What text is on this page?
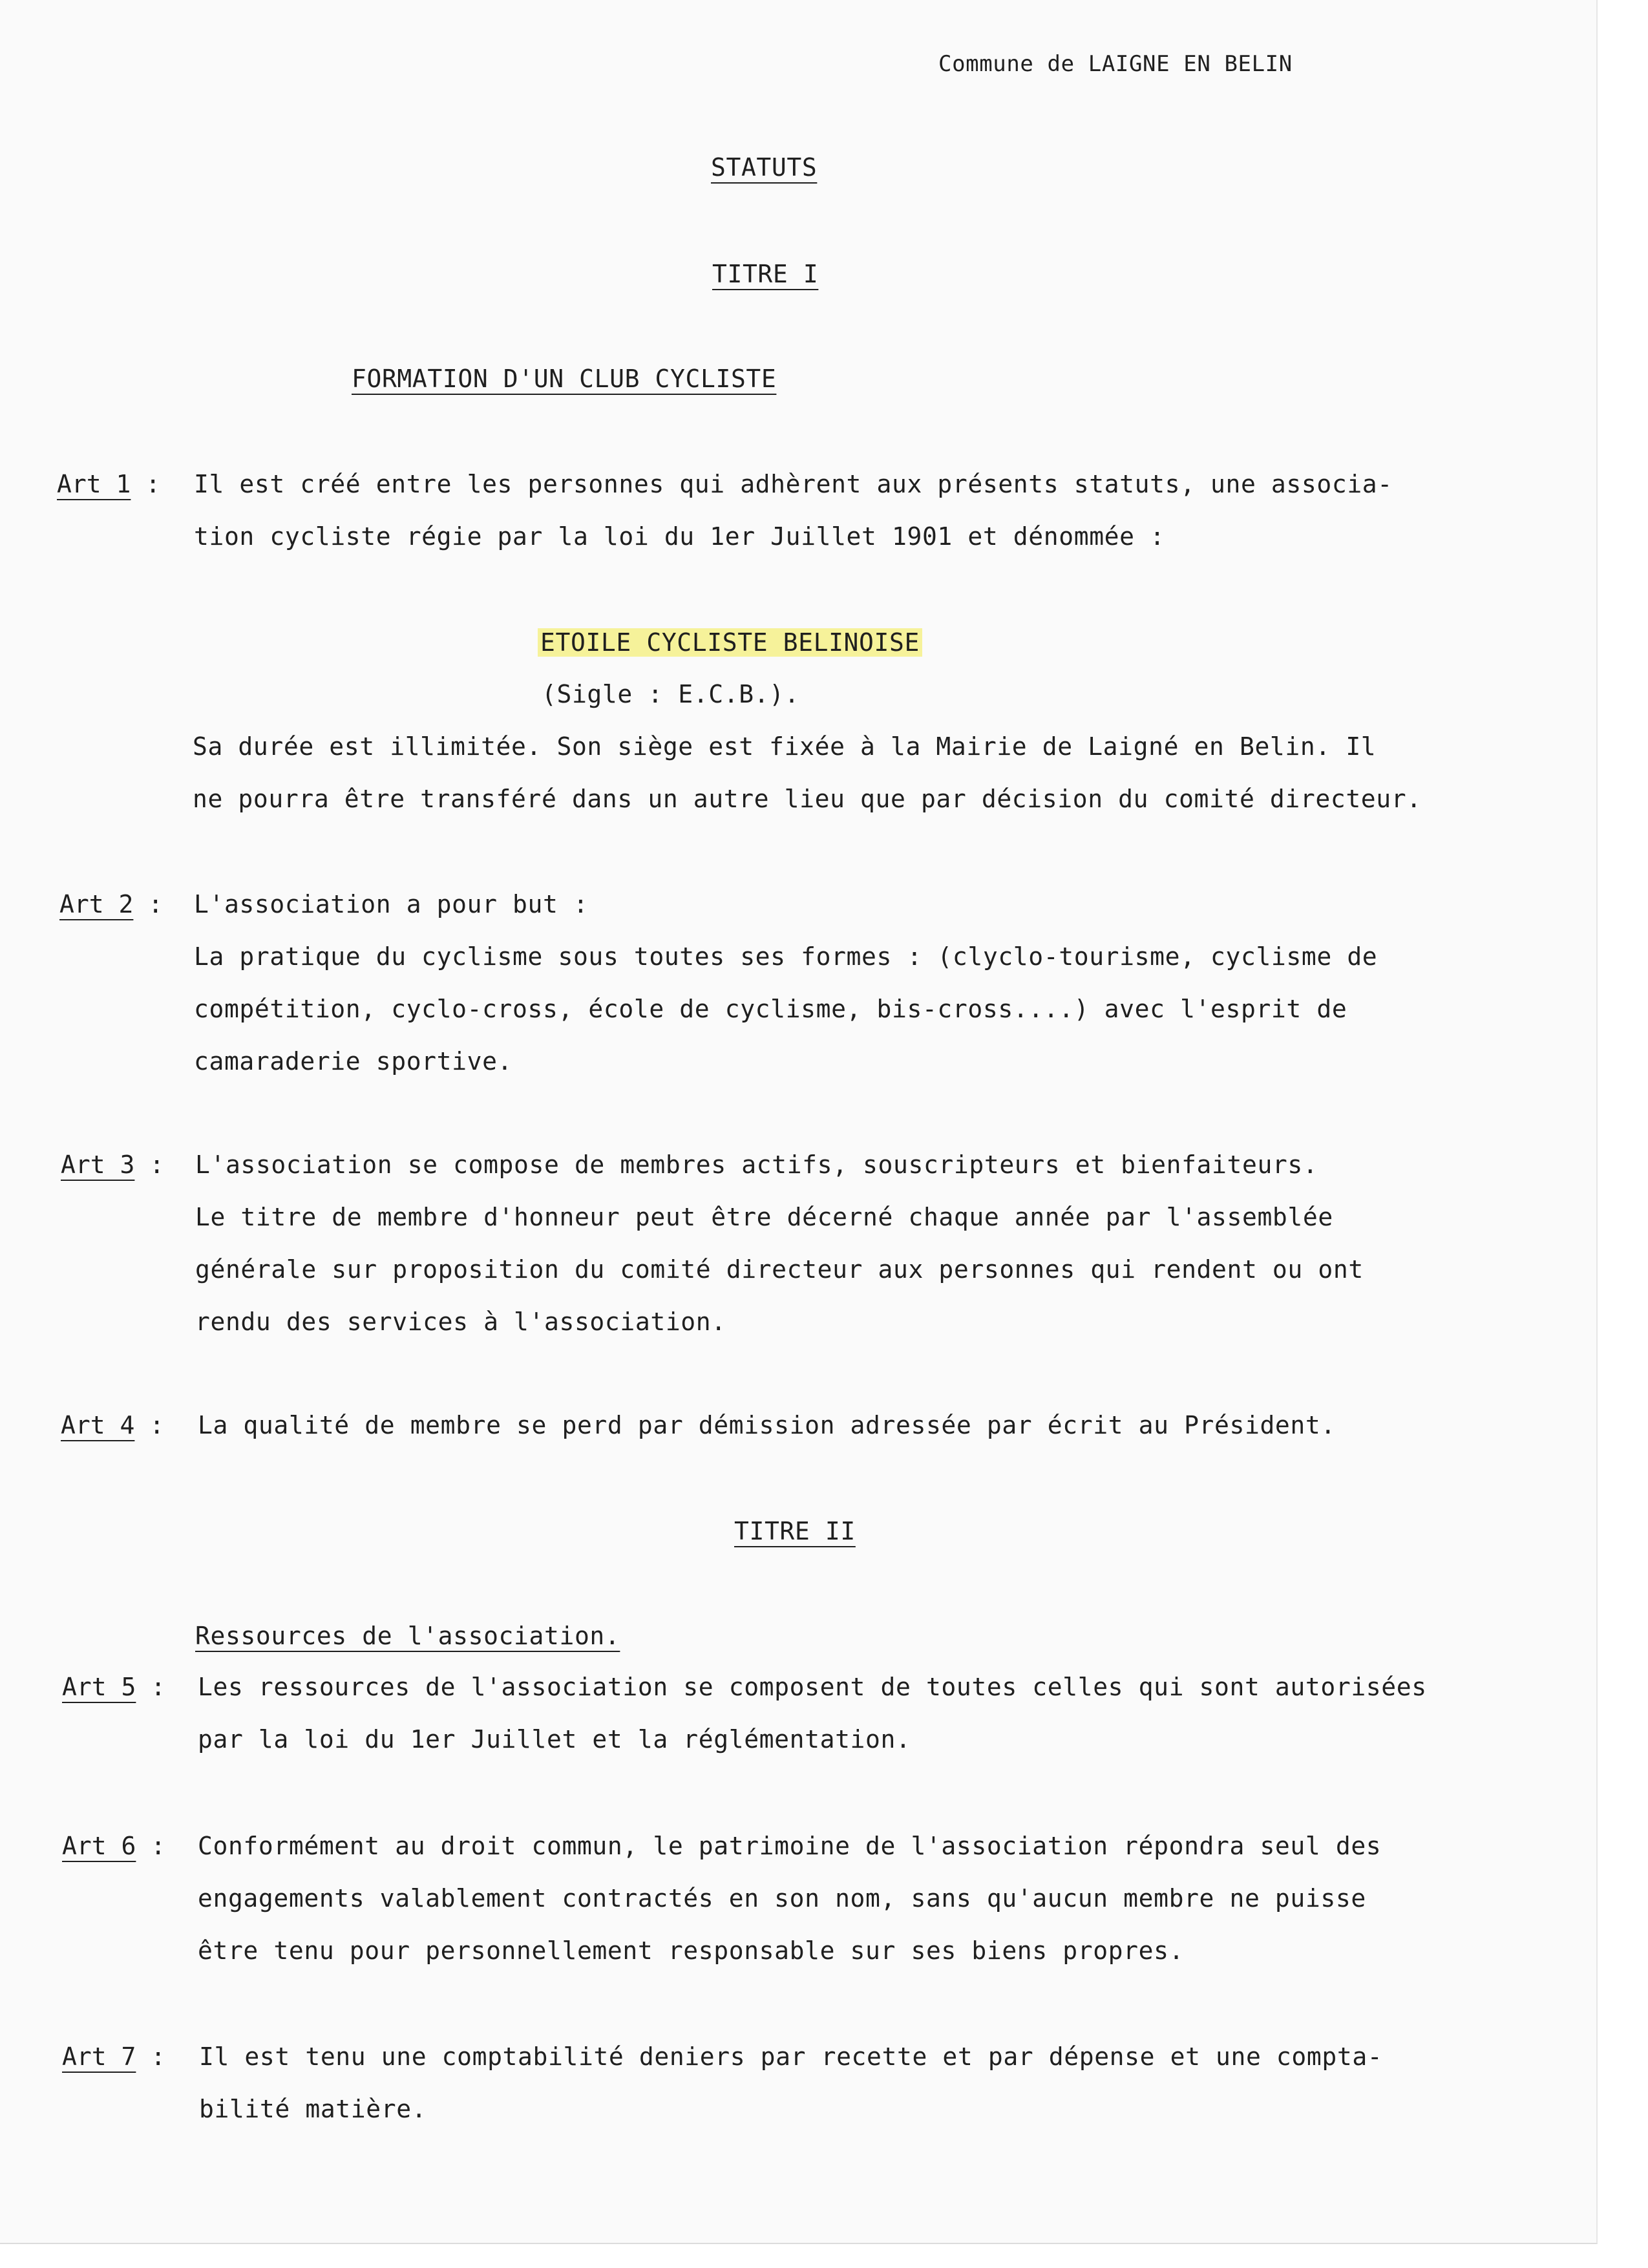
Commune de LAIGNE EN BELIN
STATUTS
TITRE I
FORMATION D'UN CLUB CYCLISTE
Art 1 : Il est créé entre les personnes qui adhèrent aux présents statuts, une associa-
tion cycliste régie par la loi du 1er Juillet 1901 et dénommée :
ETOILE CYCLISTE BELINOISE
(Sigle : E.C.B.).
Sa durée est illimitée. Son siège est fixée à la Mairie de Laigné en Belin. Il
ne pourra être transféré dans un autre lieu que par décision du comité directeur.
Art 2 : L'association a pour but :
La pratique du cyclisme sous toutes ses formes : (clyclo-tourisme, cyclisme de
compétition, cyclo-cross, école de cyclisme, bis-cross....) avec l'esprit de
camaraderie sportive.
Art 3 : L'association se compose de membres actifs, souscripteurs et bienfaiteurs.
Le titre de membre d'honneur peut être décerné chaque année par l'assemblée
générale sur proposition du comité directeur aux personnes qui rendent ou ont
rendu des services à l'association.
Art 4 : La qualité de membre se perd par démission adressée par écrit au Président.
TITRE II
Ressources de l'association.
Art 5 : Les ressources de l'association se composent de toutes celles qui sont autorisées
par la loi du 1er Juillet et la réglémentation.
Art 6 : Conformément au droit commun, le patrimoine de l'association répondra seul des
engagements valablement contractés en son nom, sans qu'aucun membre ne puisse
être tenu pour personnellement responsable sur ses biens propres.
Art 7 : Il est tenu une comptabilité deniers par recette et par dépense et une compta-
bilité matière.
